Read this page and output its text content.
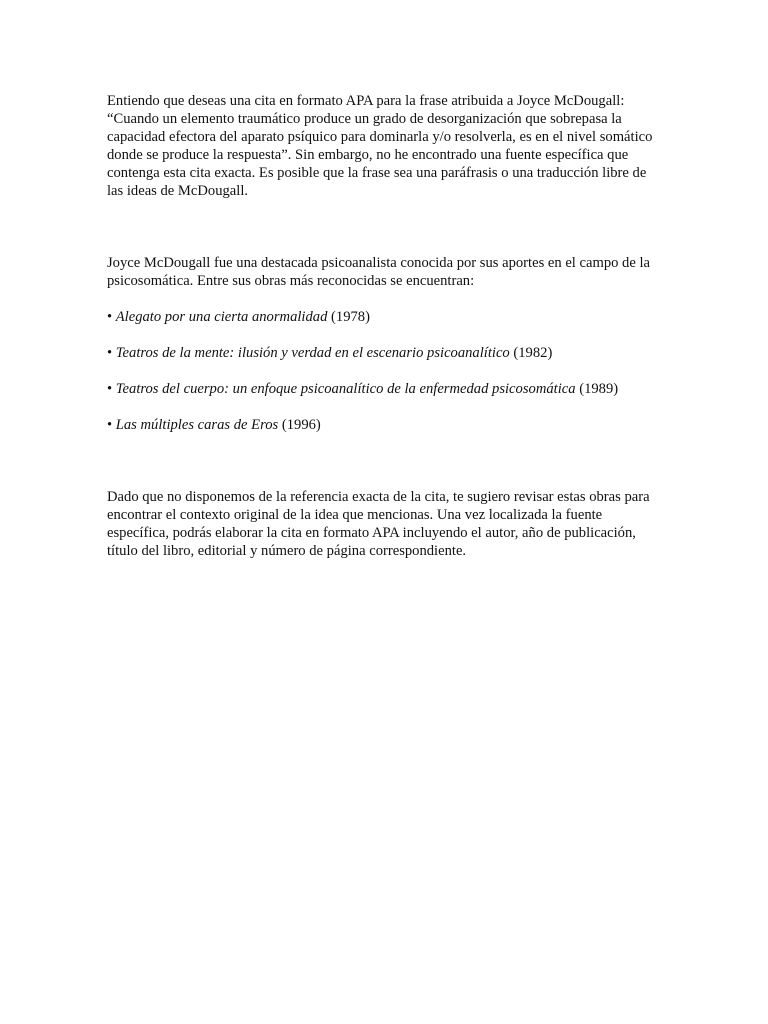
Entiendo que deseas una cita en formato APA para la frase atribuida a Joyce McDougall: “Cuando un elemento traumático produce un grado de desorganización que sobrepasa la capacidad efectora del aparato psíquico para dominarla y/o resolverla, es en el nivel somático donde se produce la respuesta”. Sin embargo, no he encontrado una fuente específica que contenga esta cita exacta. Es posible que la frase sea una paráfrasis o una traducción libre de las ideas de McDougall.

Joyce McDougall fue una destacada psicoanalista conocida por sus aportes en el campo de la psicosomática. Entre sus obras más reconocidas se encuentran:

• Alegato por una cierta anormalidad (1978)

• Teatros de la mente: ilusión y verdad en el escenario psicoanalítico (1982)

• Teatros del cuerpo: un enfoque psicoanalítico de la enfermedad psicosomática (1989)

• Las múltiples caras de Eros (1996)

Dado que no disponemos de la referencia exacta de la cita, te sugiero revisar estas obras para encontrar el contexto original de la idea que mencionas. Una vez localizada la fuente específica, podrás elaborar la cita en formato APA incluyendo el autor, año de publicación, título del libro, editorial y número de página correspondiente.
